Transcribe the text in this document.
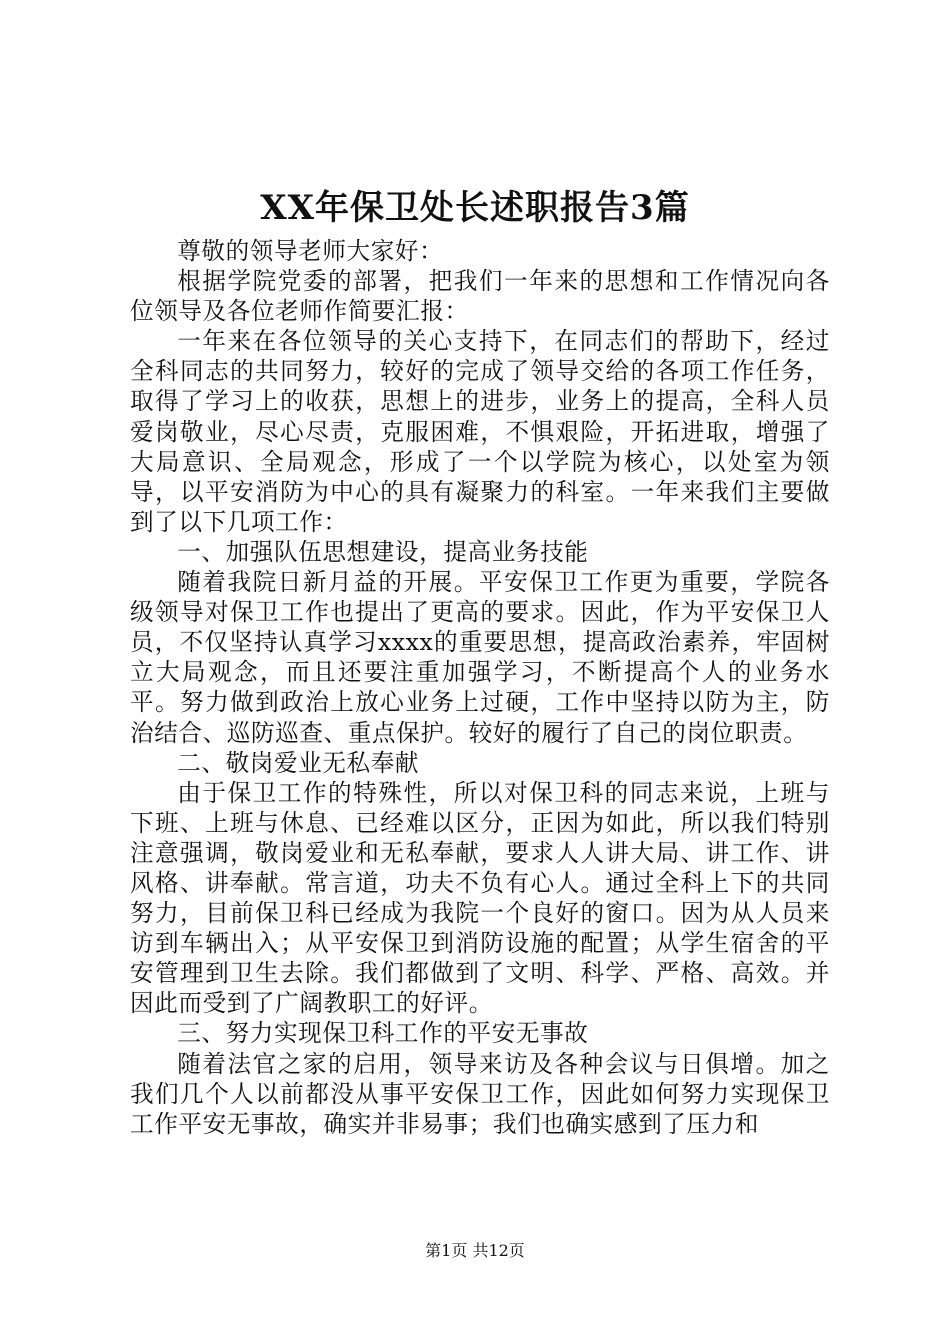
XX年保卫处长述职报告3篇

尊敬的领导老师大家好：

根据学院党委的部署，把我们一年来的思想和工作情况向各位领导及各位老师作简要汇报：

一年来在各位领导的关心支持下，在同志们的帮助下，经过全科同志的共同努力，较好的完成了领导交给的各项工作任务，取得了学习上的收获，思想上的进步，业务上的提高，全科人员爱岗敬业，尽心尽责，克服困难，不惧艰险，开拓进取，增强了大局意识、全局观念，形成了一个以学院为核心，以处室为领导，以平安消防为中心的具有凝聚力的科室。一年来我们主要做到了以下几项工作：

一、加强队伍思想建设，提高业务技能

随着我院日新月益的开展。平安保卫工作更为重要，学院各级领导对保卫工作也提出了更高的要求。因此，作为平安保卫人员，不仅坚持认真学习xxxx的重要思想，提高政治素养，牢固树立大局观念，而且还要注重加强学习，不断提高个人的业务水平。努力做到政治上放心业务上过硬，工作中坚持以防为主，防治结合、巡防巡查、重点保护。较好的履行了自己的岗位职责。

二、敬岗爱业无私奉献

由于保卫工作的特殊性，所以对保卫科的同志来说，上班与下班、上班与休息、已经难以区分，正因为如此，所以我们特别注意强调，敬岗爱业和无私奉献，要求人人讲大局、讲工作、讲风格、讲奉献。常言道，功夫不负有心人。通过全科上下的共同努力，目前保卫科已经成为我院一个良好的窗口。因为从人员来访到车辆出入；从平安保卫到消防设施的配置；从学生宿舍的平安管理到卫生去除。我们都做到了文明、科学、严格、高效。并因此而受到了广阔教职工的好评。

三、努力实现保卫科工作的平安无事故

随着法官之家的启用，领导来访及各种会议与日俱增。加之我们几个人以前都没从事平安保卫工作，因此如何努力实现保卫工作平安无事故，确实并非易事；我们也确实感到了压力和

第1页 共12页
